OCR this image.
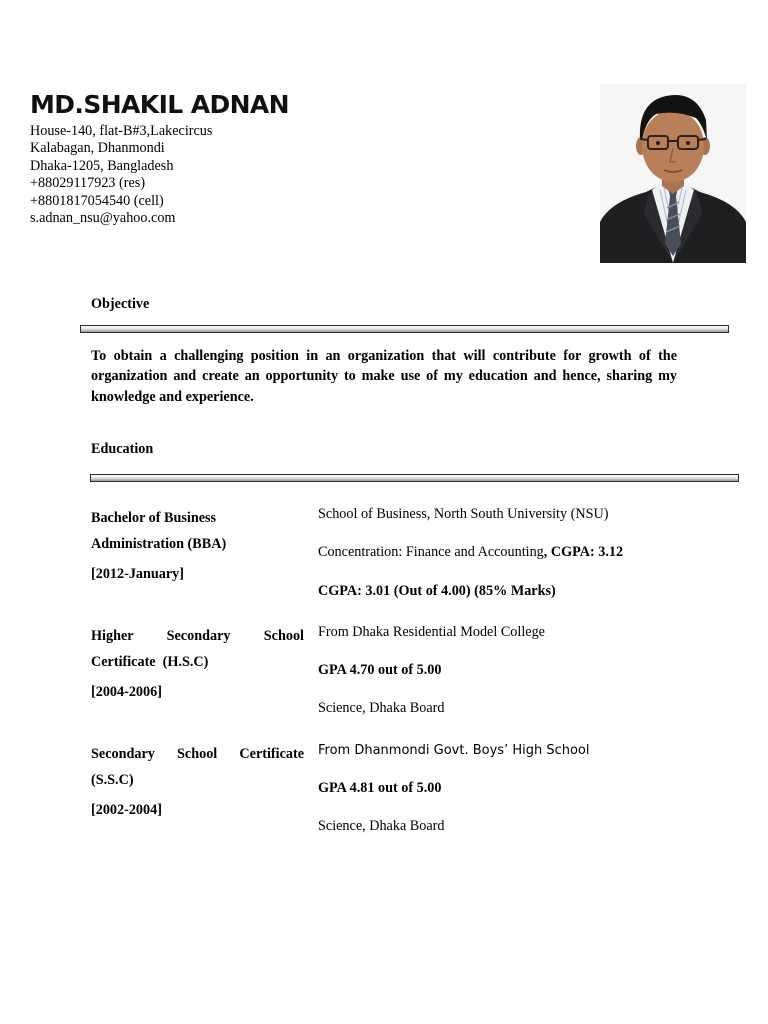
MD.SHAKIL ADNAN
House-140, flat-B#3,Lakecircus
Kalabagan, Dhanmondi
Dhaka-1205, Bangladesh
+88029117923 (res)
+8801817054540 (cell)
s.adnan_nsu@yahoo.com
Objective

To obtain a challenging position in an organization that will contribute for growth of the organization and create an opportunity to make use of my education and hence, sharing my knowledge and experience.

Education
Bachelor of Business
Administration (BBA)
[2012-January]
School of Business, North South University (NSU)
Concentration: Finance and Accounting, CGPA: 3.12
CGPA: 3.01 (Out of 4.00) (85% Marks)
Higher Secondary School
Certificate  (H.S.C)
[2004-2006]
From Dhaka Residential Model College
GPA 4.70 out of 5.00
Science, Dhaka Board
Secondary School Certificate
(S.S.C)
[2002-2004]
From Dhanmondi Govt. Boys’ High School
GPA 4.81 out of 5.00
Science, Dhaka Board
